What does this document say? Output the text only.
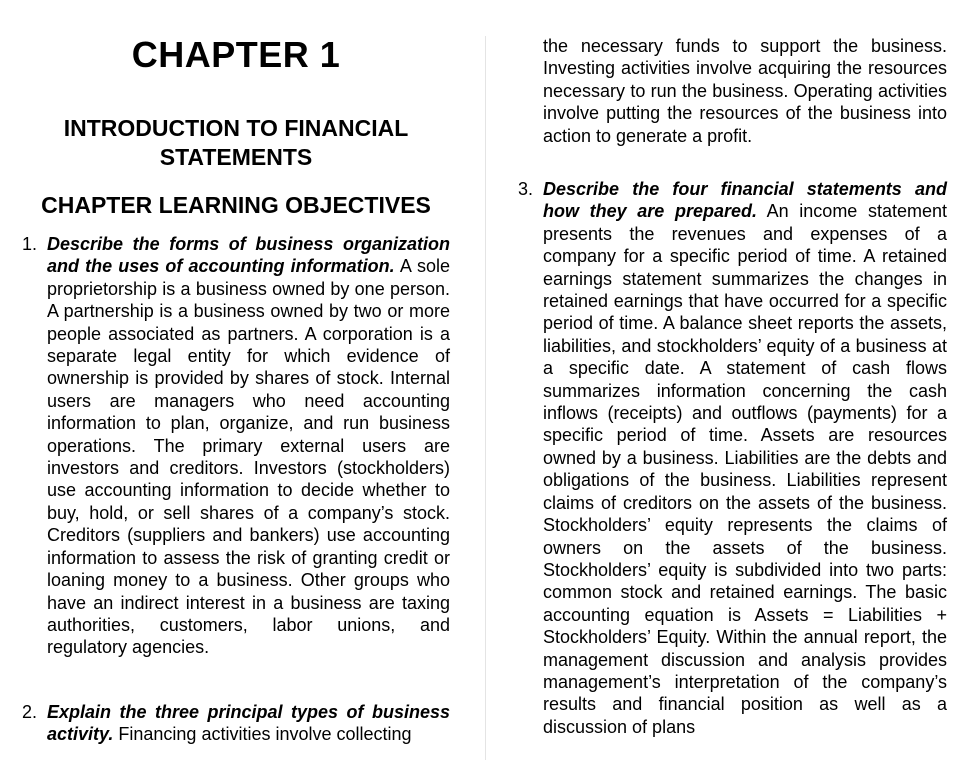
CHAPTER 1
INTRODUCTION TO FINANCIAL STATEMENTS
CHAPTER LEARNING OBJECTIVES
1. Describe the forms of business organization and the uses of accounting information. A sole proprietorship is a business owned by one person. A partnership is a business owned by two or more people associated as partners. A corporation is a separate legal entity for which evidence of ownership is provided by shares of stock. Internal users are managers who need accounting information to plan, organize, and run business operations. The primary external users are investors and creditors. Investors (stockholders) use accounting information to decide whether to buy, hold, or sell shares of a company’s stock. Creditors (suppliers and bankers) use accounting information to assess the risk of granting credit or loaning money to a business. Other groups who have an indirect interest in a business are taxing authorities, customers, labor unions, and regulatory agencies.
2. Explain the three principal types of business activity. Financing activities involve collecting
the necessary funds to support the business. Investing activities involve acquiring the resources necessary to run the business. Operating activities involve putting the resources of the business into action to generate a profit.
3. Describe the four financial statements and how they are prepared. An income statement presents the revenues and expenses of a company for a specific period of time. A retained earnings statement summarizes the changes in retained earnings that have occurred for a specific period of time. A balance sheet reports the assets, liabilities, and stockholders’ equity of a business at a specific date. A statement of cash flows summarizes information concerning the cash inflows (receipts) and outflows (payments) for a specific period of time. Assets are resources owned by a business. Liabilities are the debts and obligations of the business. Liabilities represent claims of creditors on the assets of the business. Stockholders’ equity represents the claims of owners on the assets of the business. Stockholders’ equity is subdivided into two parts: common stock and retained earnings. The basic accounting equation is Assets = Liabilities + Stockholders’ Equity. Within the annual report, the management discussion and analysis provides management’s interpretation of the company’s results and financial position as well as a discussion of plans
